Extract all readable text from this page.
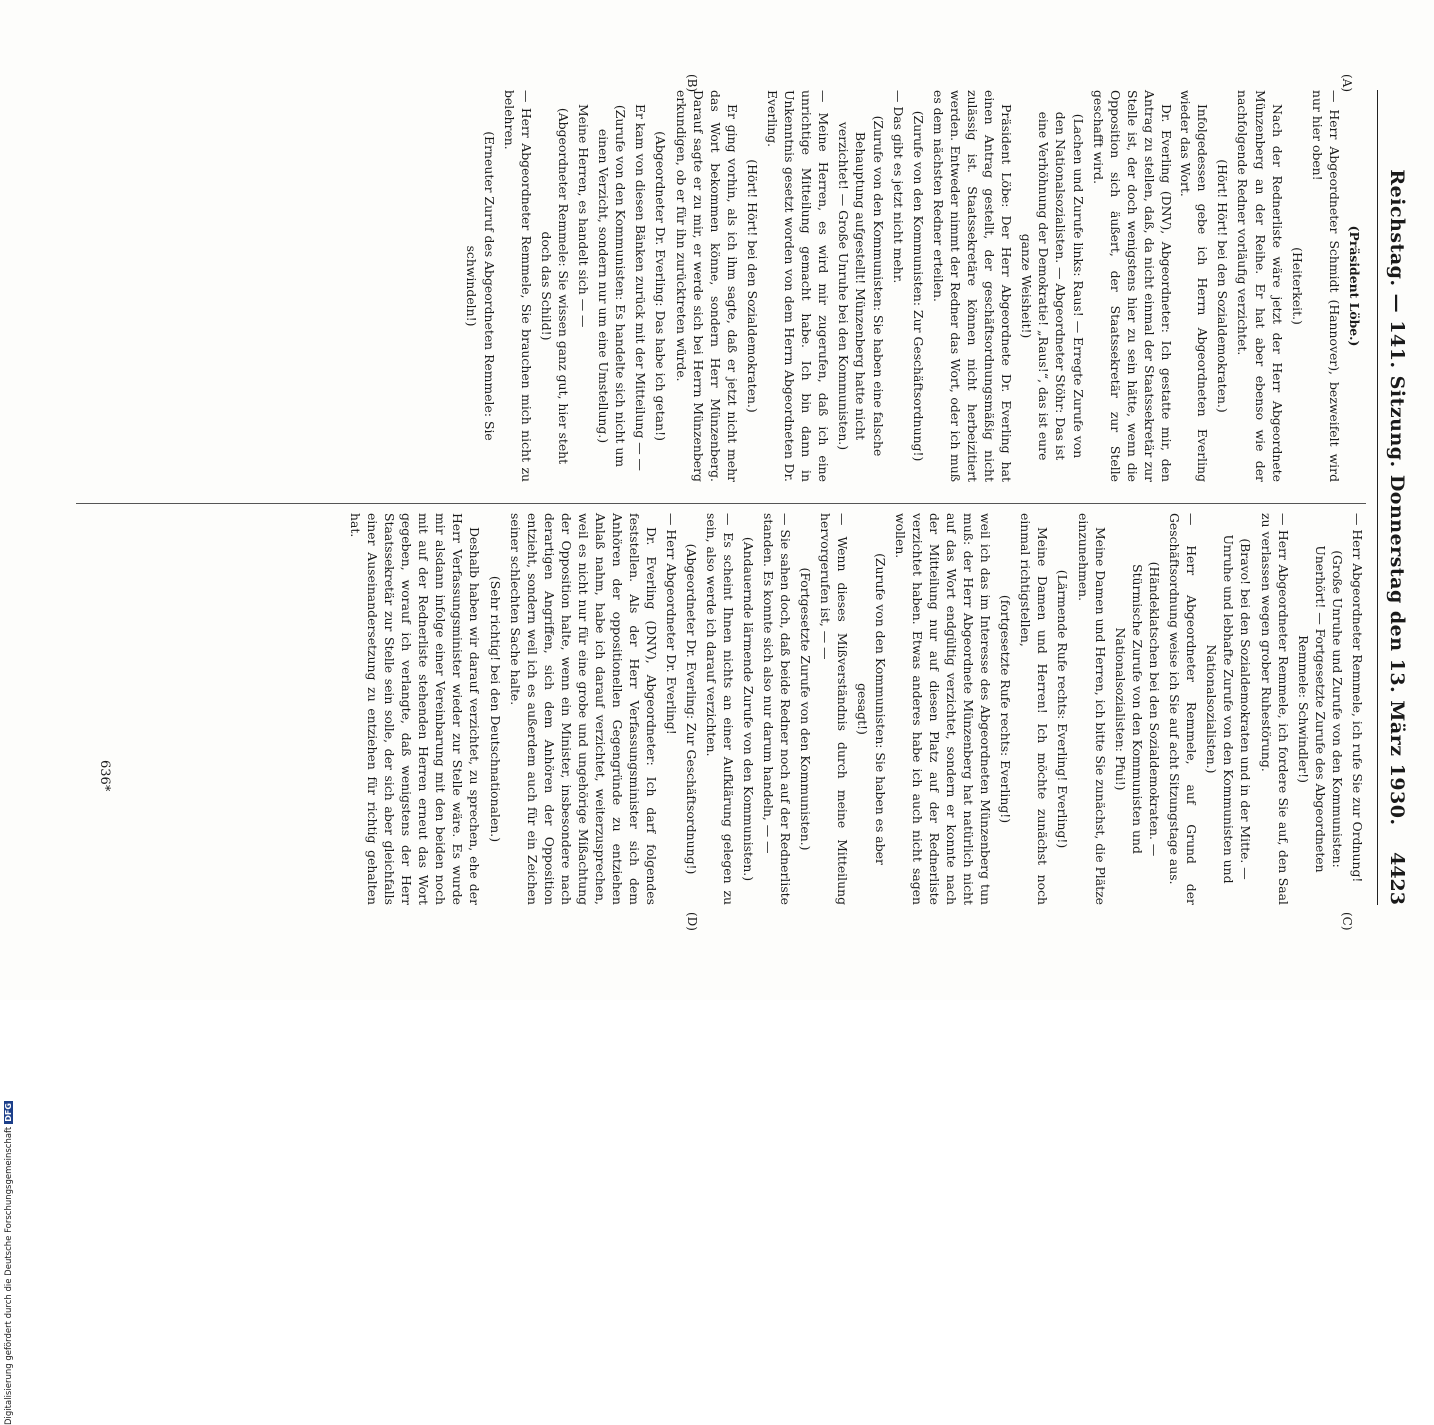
Reichstag. — 141. Sitzung. Donnerstag den 13. März 1930.
4423
(A)
(B)
(C)
(D)

(Präsident Löbe.)

— Herr Abgeordneter Schmidt (Hannover), bezweifelt wird nur hier oben!

(Heiterkeit.)

Nach der Rednerliste wäre jetzt der Herr Abgeordnete Münzenberg an der Reihe. Er hat aber ebenso wie der nachfolgende Redner vorläufig verzichtet.

(Hört! Hört! bei den Sozialdemokraten.)

Infolgedessen gebe ich Herrn Abgeordneten Everling wieder das Wort.

Dr. Everling (DNV), Abgeordneter: Ich gestatte mir, den Antrag zu stellen, daß, da nicht einmal der Staatssekretär zur Stelle ist, der doch wenigstens hier zu sein hätte, wenn die Opposition sich äußert, der Staatssekretär zur Stelle geschafft wird.

(Lachen und Zurufe links: Raus! — Erregte Zurufe von den Nationalsozialisten. — Abgeordneter Stöhr: Das ist eine Verhöhnung der Demokratie! „Raus!“, das ist eure ganze Weisheit!)

Präsident Löbe: Der Herr Abgeordnete Dr. Everling hat einen Antrag gestellt, der geschäftsordnungsmäßig nicht zulässig ist. Staatssekretäre können nicht herbeizitiert werden. Entweder nimmt der Redner das Wort, oder ich muß es dem nächsten Redner erteilen.

(Zurufe von den Kommunisten: Zur Geschäftsordnung!)

— Das gibt es jetzt nicht mehr.

(Zurufe von den Kommunisten: Sie haben eine falsche Behauptung aufgestellt! Münzenberg hatte nicht verzichtet! — Große Unruhe bei den Kommunisten.)

— Meine Herren, es wird mir zugerufen, daß ich eine unrichtige Mitteilung gemacht habe. Ich bin dann in Unkenntnis gesetzt worden von dem Herrn Abgeordneten Dr. Everling.

(Hört! Hört! bei den Sozialdemokraten.)

Er ging vorhin, als ich ihm sagte, daß er jetzt nicht mehr das Wort bekommen könne, sondern Herr Münzenberg. Darauf sagte er zu mir, er werde sich bei Herrn Münzenberg erkundigen, ob er für ihn zurücktreten würde.

(Abgeordneter Dr. Everling: Das habe ich getan!)

Er kam von diesen Bänken zurück mit der Mitteilung — —

(Zurufe von den Kommunisten: Es handelte sich nicht um einen Verzicht, sondern nur um eine Umstellung.)

Meine Herren, es handelt sich — —

(Abgeordneter Remmele: Sie wissen ganz gut, hier steht doch das Schild!)

— Herr Abgeordneter Remmele, Sie brauchen mich nicht zu belehren.

(Erneuter Zuruf des Abgeordneten Remmele: Sie schwindeln!)

— Herr Abgeordneter Remmele, ich rufe Sie zur Ordnung!

(Große Unruhe und Zurufe von den Kommunisten: Unerhört! — Fortgesetzte Zurufe des Abgeordneten Remmele: Schwindler!)

— Herr Abgeordneter Remmele, ich fordere Sie auf, den Saal zu verlassen wegen grober Ruhestörung.

(Bravo! bei den Sozialdemokraten und in der Mitte. — Unruhe und lebhafte Zurufe von den Kommunisten und Nationalsozialisten.)

— Herr Abgeordneter Remmele, auf Grund der Geschäftsordnung weise ich Sie auf acht Sitzungstage aus.

(Händeklatschen bei den Sozialdemokraten. — Stürmische Zurufe von den Kommunisten und Nationalsozialisten: Pfui!)

Meine Damen und Herren, ich bitte Sie zunächst, die Plätze einzunehmen.

(Lärmende Rufe rechts: Everling! Everling!)

Meine Damen und Herren! Ich möchte zunächst noch einmal richtigstellen,

(fortgesetzte Rufe rechts: Everling!)

weil ich das im Interesse des Abgeordneten Münzenberg tun muß: der Herr Abgeordnete Münzenberg hat natürlich nicht auf das Wort endgültig verzichtet, sondern er konnte nach der Mitteilung nur auf diesen Platz auf der Rednerliste verzichtet haben. Etwas anderes habe ich auch nicht sagen wollen.

(Zurufe von den Kommunisten: Sie haben es aber gesagt!)

— Wenn dieses Mißverständnis durch meine Mitteilung hervorgerufen ist, — —

(Fortgesetzte Zurufe von den Kommunisten.)

— Sie sahen doch, daß beide Redner noch auf der Rednerliste standen. Es konnte sich also nur darum handeln, — —

(Andauernde lärmende Zurufe von den Kommunisten.)

— Es scheint Ihnen nichts an einer Aufklärung gelegen zu sein, also werde ich darauf verzichten.

(Abgeordneter Dr. Everling: Zur Geschäftsordnung!)

— Herr Abgeordneter Dr. Everling!

Dr. Everling (DNV), Abgeordneter: Ich darf folgendes feststellen. Als der Herr Verfassungsminister sich dem Anhören der oppositionellen Gegengründe zu entziehen Anlaß nahm, habe ich darauf verzichtet, weiterzusprechen, weil es nicht nur für eine grobe und ungehörige Mißachtung der Opposition halte, wenn ein Minister, insbesondere nach derartigen Angriffen, sich dem Anhören der Opposition entzieht, sondern weil ich es außerdem auch für ein Zeichen seiner schlechten Sache halte.

(Sehr richtig! bei den Deutschnationalen.)

Deshalb haben wir darauf verzichtet, zu sprechen, ehe der Herr Verfassungsminister wieder zur Stelle wäre. Es wurde mir alsdann infolge einer Vereinbarung mit den beiden noch mit auf der Rednerliste stehenden Herren erneut das Wort gegeben, worauf ich verlangte, daß wenigstens der Herr Staatssekretär zur Stelle sein solle, der sich aber gleichfalls einer Auseinandersetzung zu entziehen für richtig gehalten hat.

636*
Digitalisierung gefördert durch die Deutsche ForschungsgemeinschaftDFG
